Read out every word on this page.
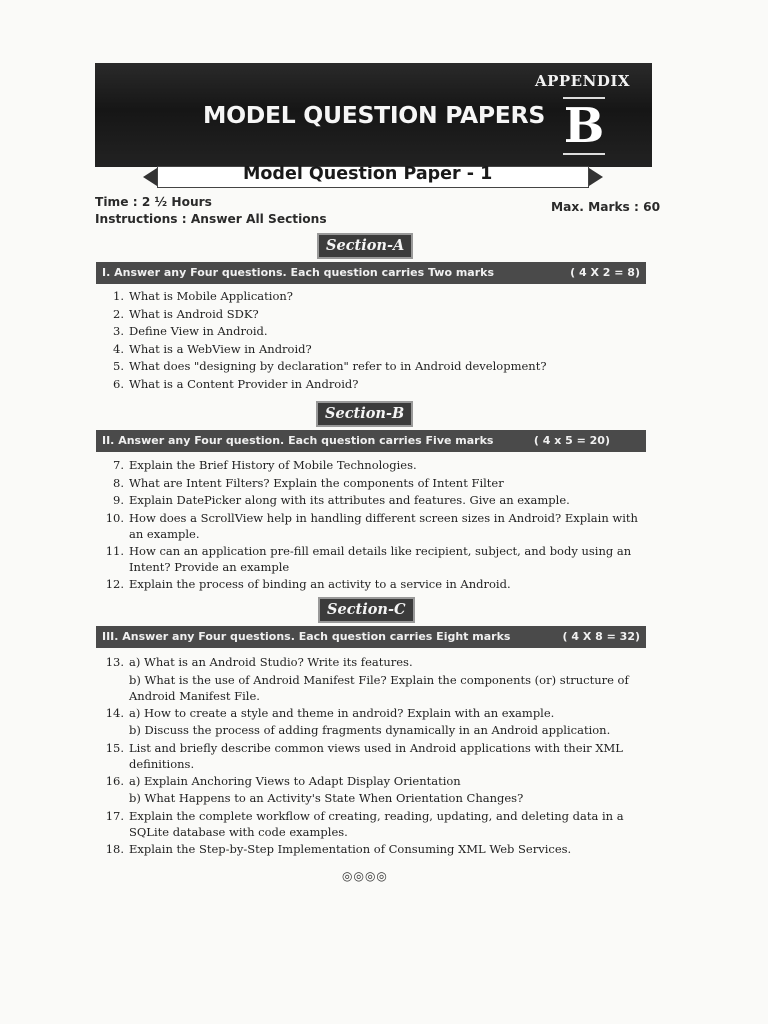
APPENDIX
MODEL QUESTION PAPERS B
Model Question Paper - 1
Time : 2 ½ Hours
Instructions : Answer All Sections
Max. Marks : 60
Section-A
I. Answer any Four questions. Each question carries Two marks	( 4 X 2 = 8)
1. What is Mobile Application?
2. What is Android SDK?
3. Define View in Android.
4. What is a WebView in Android?
5. What does "designing by declaration" refer to in Android development?
6. What is a Content Provider in Android?
Section-B
II. Answer any Four question. Each question carries Five marks	( 4 x 5 = 20)
7. Explain the Brief History of Mobile Technologies.
8. What are Intent Filters? Explain the components of Intent Filter
9. Explain DatePicker along with its attributes and features. Give an example.
10. How does a ScrollView help in handling different screen sizes in Android? Explain with an example.
11. How can an application pre-fill email details like recipient, subject, and body using an Intent? Provide an example
12. Explain the process of binding an activity to a service in Android.
Section-C
III. Answer any Four questions. Each question carries Eight marks	( 4 X 8 = 32)
13. a) What is an Android Studio? Write its features.
b) What is the use of Android Manifest File? Explain the components (or) structure of Android Manifest File.
14. a) How to create a style and theme in android? Explain with an example.
b) Discuss the process of adding fragments dynamically in an Android application.
15. List and briefly describe common views used in Android applications with their XML definitions.
16. a) Explain Anchoring Views to Adapt Display Orientation
b) What Happens to an Activity's State When Orientation Changes?
17. Explain the complete workflow of creating, reading, updating, and deleting data in a SQLite database with code examples.
18. Explain the Step-by-Step Implementation of Consuming XML Web Services.
◎◎◎◎
